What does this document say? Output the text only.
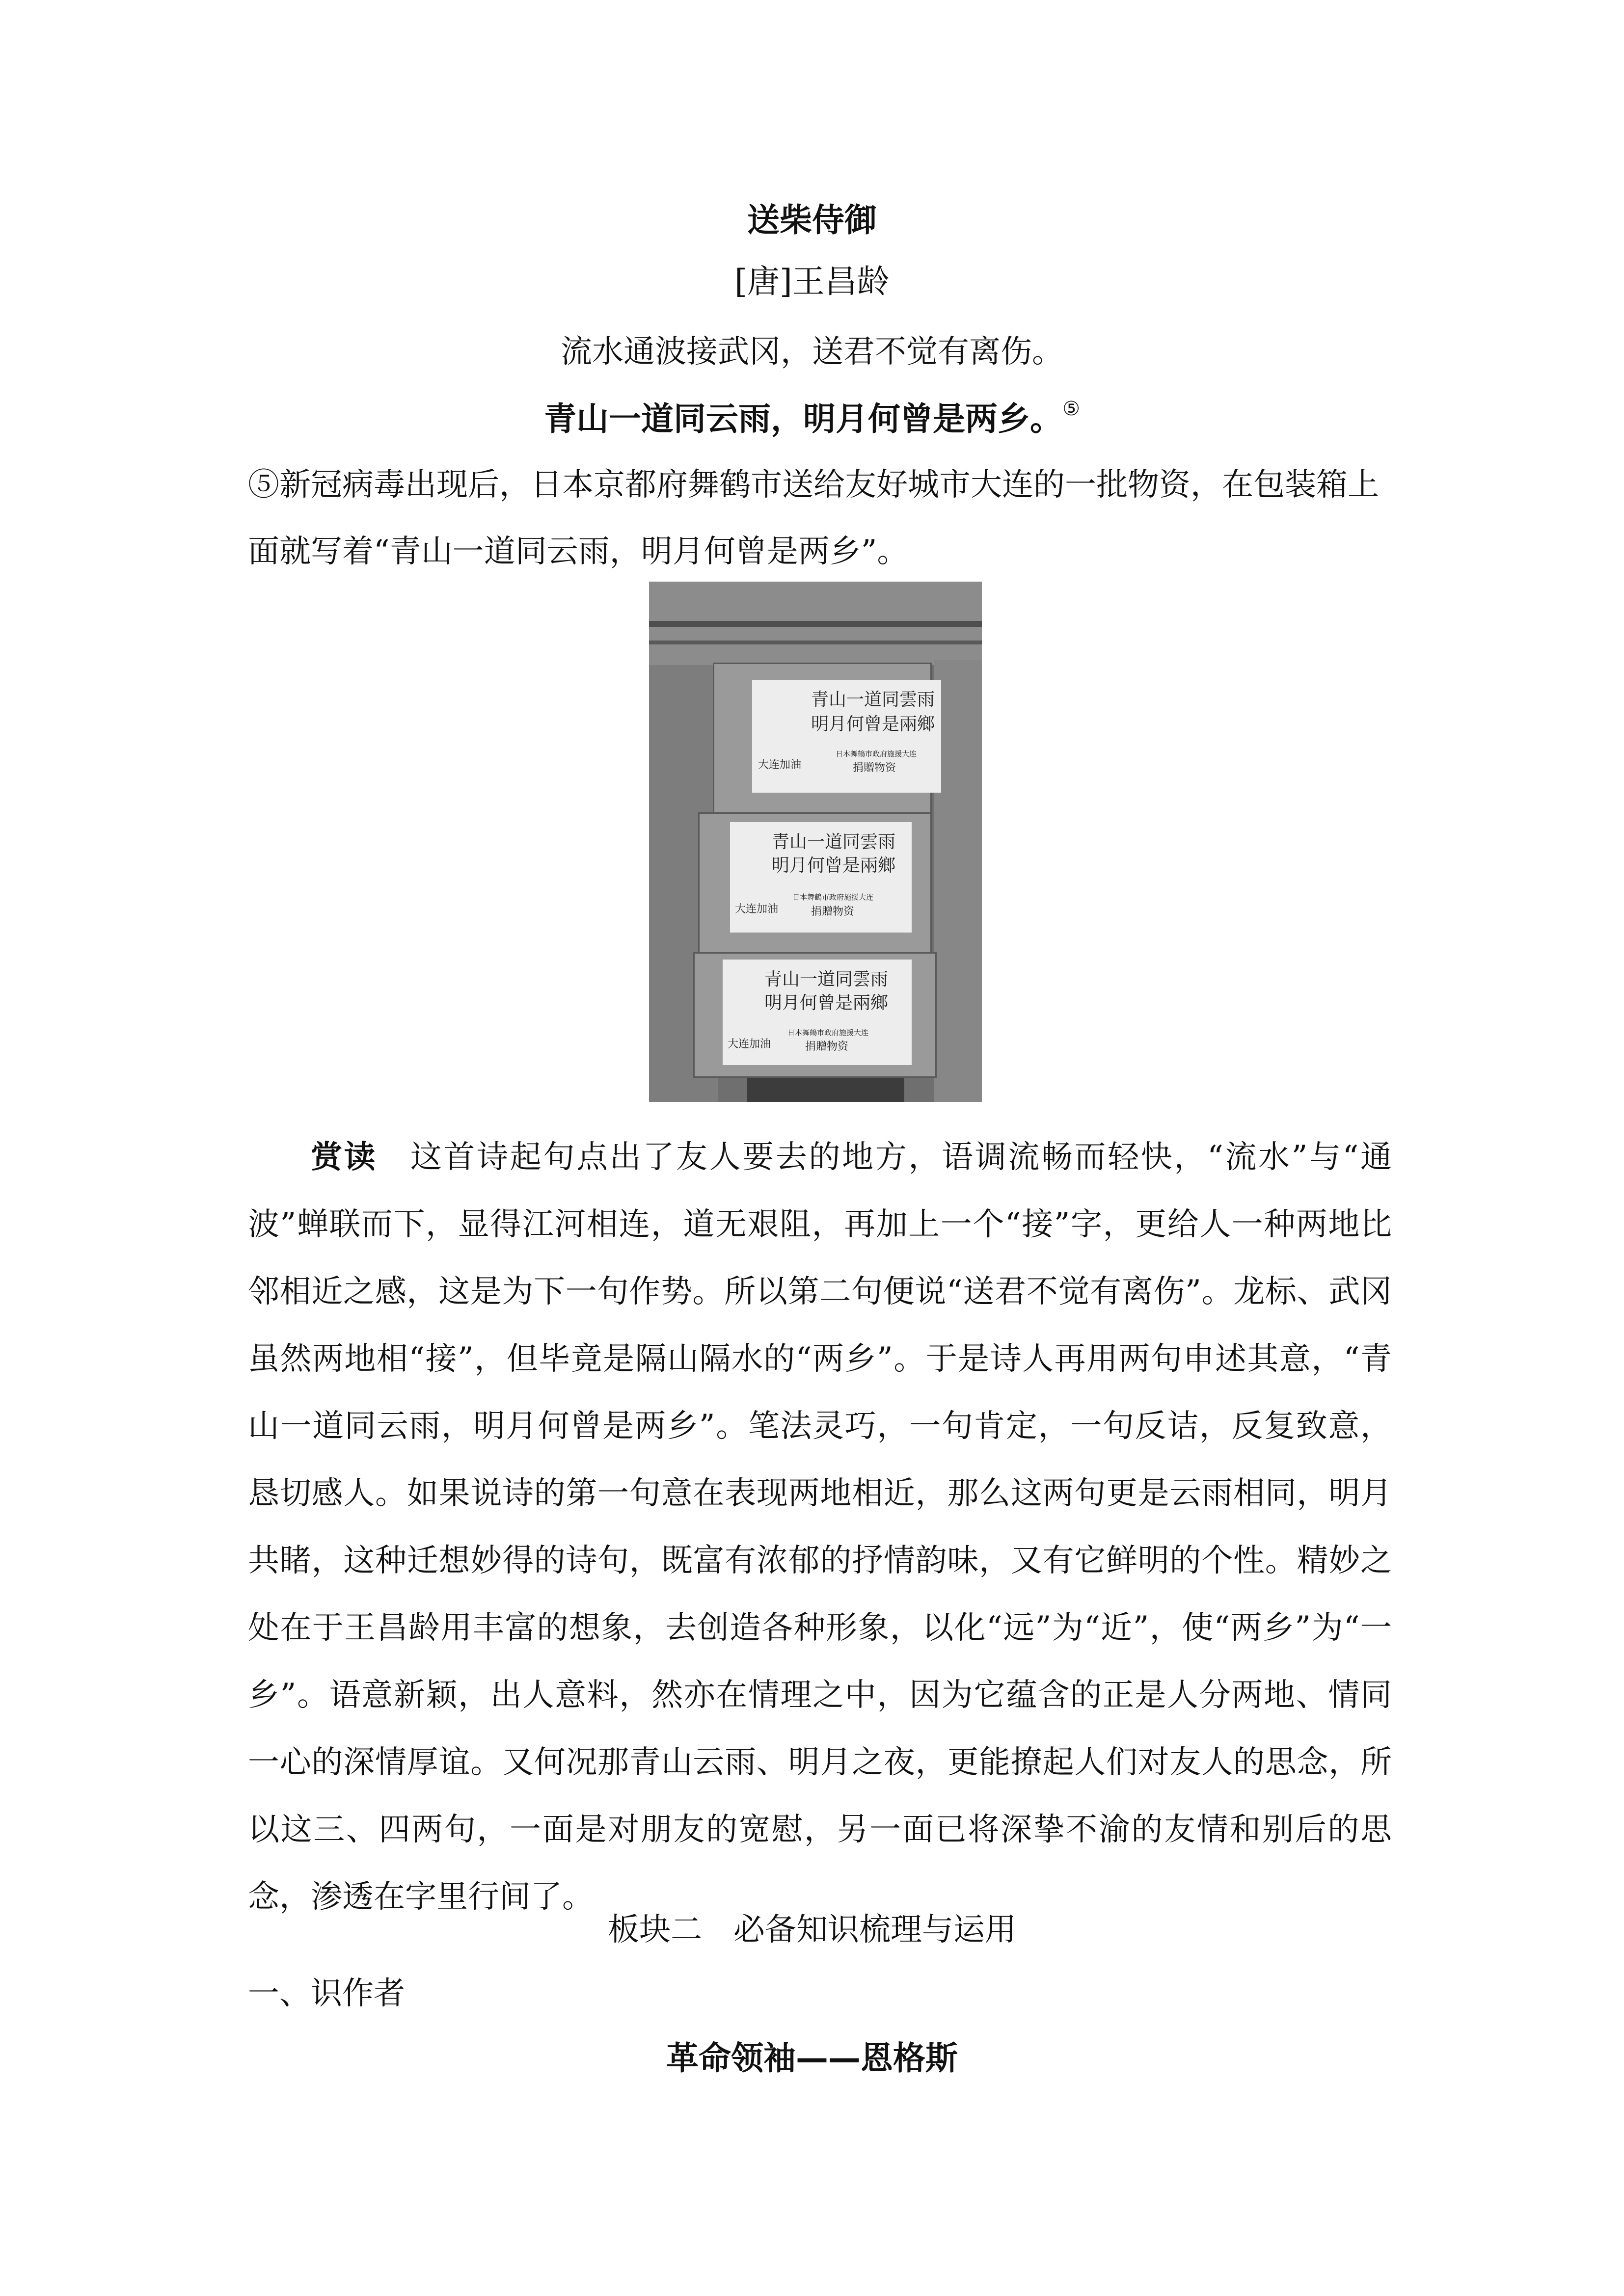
送柴侍御
[唐]王昌龄
流水通波接武冈，送君不觉有离伤。
青山一道同云雨，明月何曾是两乡。⑤
⑤新冠病毒出现后，日本京都府舞鹤市送给友好城市大连的一批物资，在包装箱上面就写着“青山一道同云雨，明月何曾是两乡”。
青山一道同雲雨
明月何曾是兩鄉
大连加油
日本舞鶴市政府施援大连
捐贈物资
青山一道同雲雨
明月何曾是兩鄉
大连加油
日本舞鶴市政府施援大连
捐贈物资
青山一道同雲雨
明月何曾是兩鄉
大连加油
日本舞鶴市政府施援大连
捐贈物资
赏读　 这首诗起句点出了友人要去的地方，语调流畅而轻快，“流水”与“通波”蝉联而下，显得江河相连，道无艰阻，再加上一个“接”字，更给人一种两地比邻相近之感，这是为下一句作势。所以第二句便说“送君不觉有离伤”。龙标、武冈虽然两地相“接”，但毕竟是隔山隔水的“两乡”。于是诗人再用两句申述其意，“青山一道同云雨，明月何曾是两乡”。笔法灵巧，一句肯定，一句反诘，反复致意，恳切感人。如果说诗的第一句意在表现两地相近，那么这两句更是云雨相同，明月共睹，这种迁想妙得的诗句，既富有浓郁的抒情韵味，又有它鲜明的个性。精妙之处在于王昌龄用丰富的想象，去创造各种形象，以化“远”为“近”，使“两乡”为“一乡”。语意新颖，出人意料，然亦在情理之中，因为它蕴含的正是人分两地、情同一心的深情厚谊。又何况那青山云雨、明月之夜，更能撩起人们对友人的思念，所以这三、四两句，一面是对朋友的宽慰，另一面已将深挚不渝的友情和别后的思念，渗透在字里行间了。
板块二　必备知识梳理与运用
一、识作者
革命领袖——恩格斯
